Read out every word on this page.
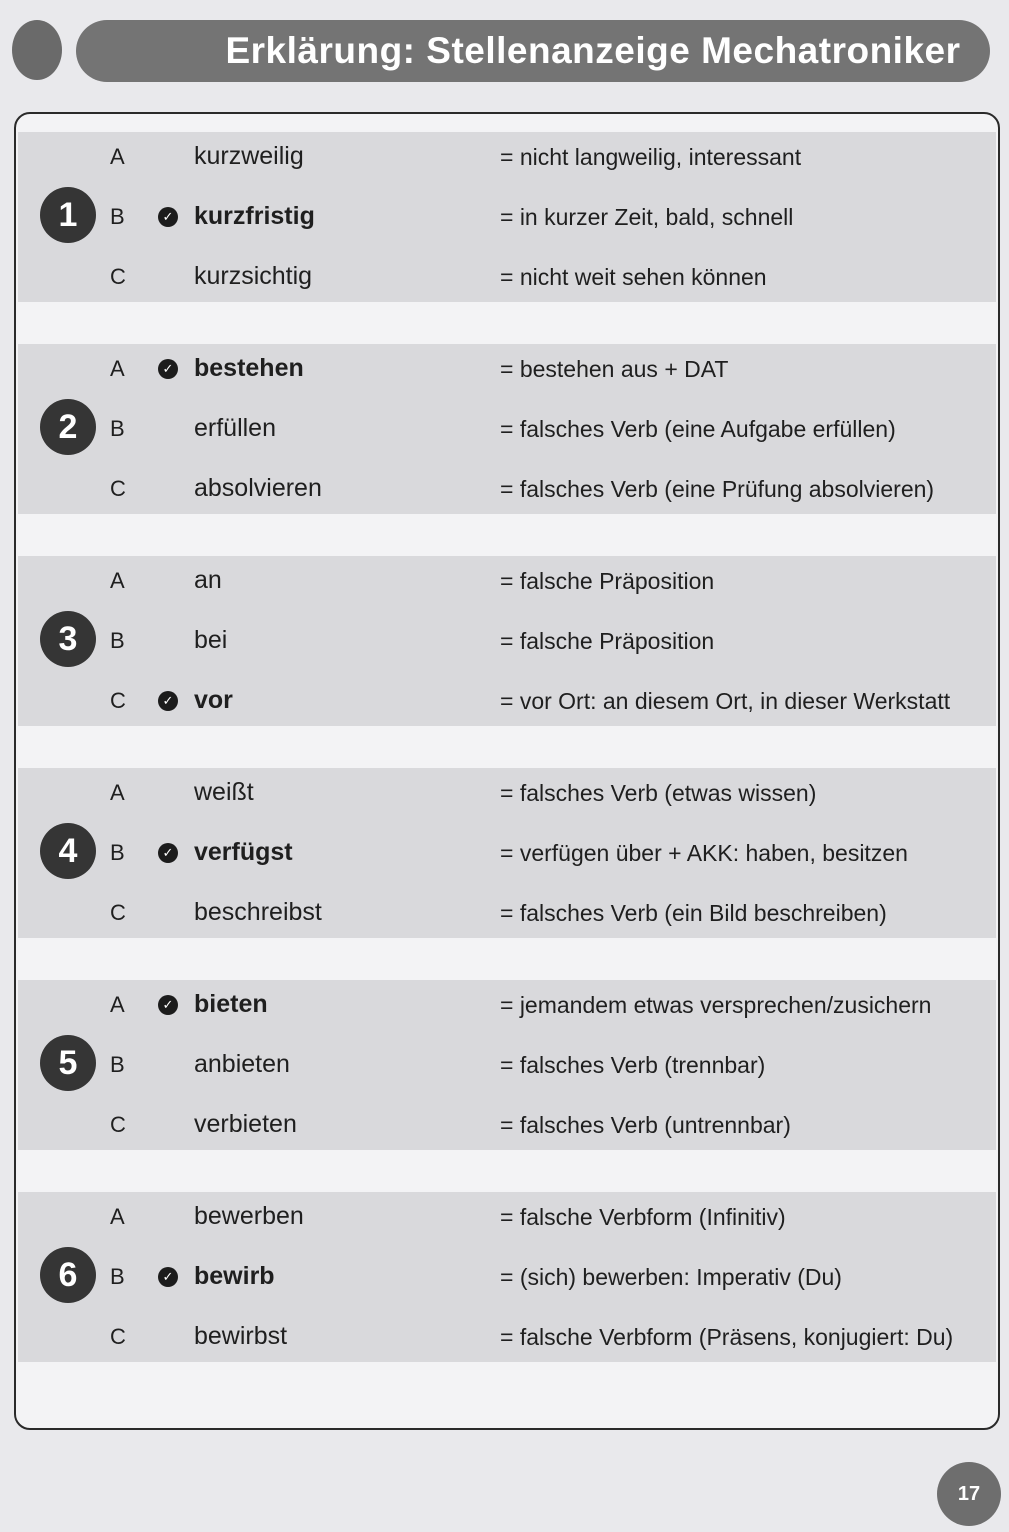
Erklärung: Stellenanzeige Mechatroniker
1
A	kurzweilig	= nicht langweilig, interessant
B	✓ kurzfristig	= in kurzer Zeit, bald, schnell
C	kurzsichtig	= nicht weit sehen können
2
A	✓ bestehen	= bestehen aus + DAT
B	erfüllen	= falsches Verb (eine Aufgabe erfüllen)
C	absolvieren	= falsches Verb (eine Prüfung absolvieren)
3
A	an	= falsche Präposition
B	bei	= falsche Präposition
C	✓ vor	= vor Ort: an diesem Ort, in dieser Werkstatt
4
A	weißt	= falsches Verb (etwas wissen)
B	✓ verfügst	= verfügen über + AKK: haben, besitzen
C	beschreibst	= falsches Verb (ein Bild beschreiben)
5
A	✓ bieten	= jemandem etwas versprechen/zusichern
B	anbieten	= falsches Verb (trennbar)
C	verbieten	= falsches Verb (untrennbar)
6
A	bewerben	= falsche Verbform (Infinitiv)
B	✓ bewirb	= (sich) bewerben: Imperativ (Du)
C	bewirbst	= falsche Verbform (Präsens, konjugiert: Du)
17
